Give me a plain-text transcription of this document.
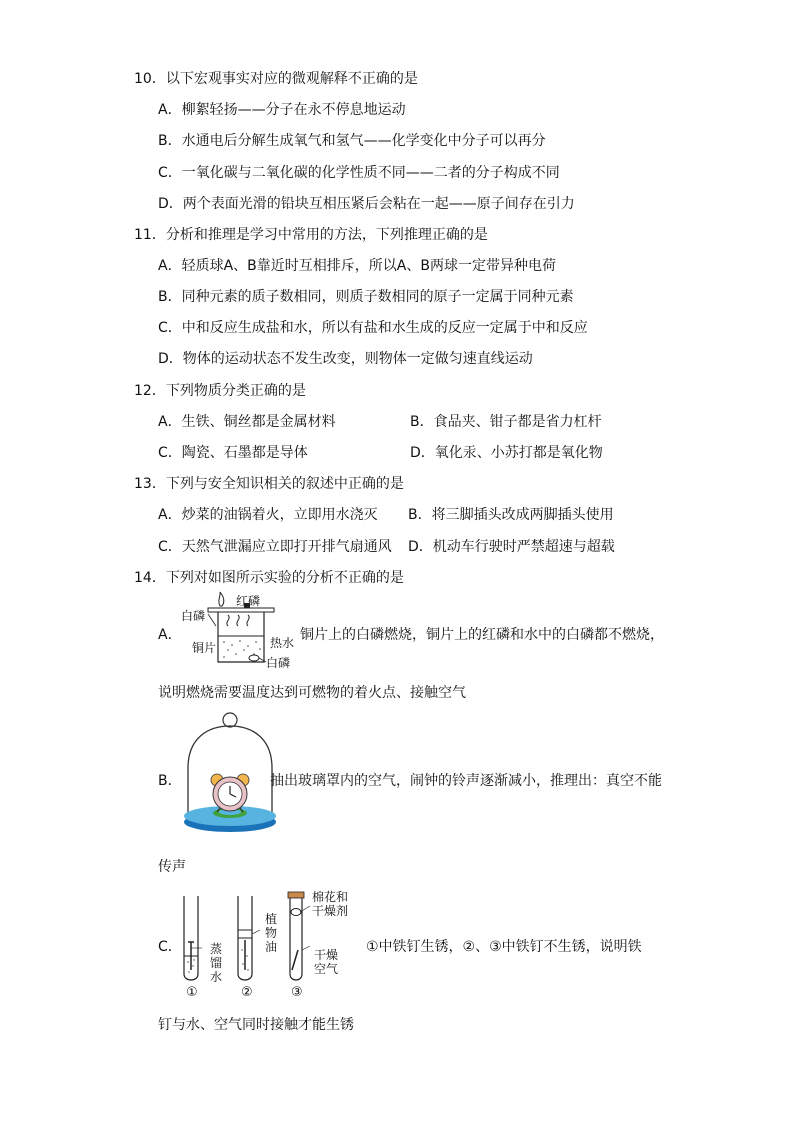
10．以下宏观事实对应的微观解释不正确的是
A．柳絮轻扬——分子在永不停息地运动
B．水通电后分解生成氧气和氢气——化学变化中分子可以再分
C．一氧化碳与二氧化碳的化学性质不同——二者的分子构成不同
D．两个表面光滑的铅块互相压紧后会粘在一起——原子间存在引力
11．分析和推理是学习中常用的方法，下列推理正确的是
A．轻质球A、B靠近时互相排斥，所以A、B两球一定带异种电荷
B．同种元素的质子数相同，则质子数相同的原子一定属于同种元素
C．中和反应生成盐和水，所以有盐和水生成的反应一定属于中和反应
D．物体的运动状态不发生改变，则物体一定做匀速直线运动
12．下列物质分类正确的是
A．生铁、铜丝都是金属材料	B．食品夹、钳子都是省力杠杆
C．陶瓷、石墨都是导体	D．氧化汞、小苏打都是氧化物
13．下列与安全知识相关的叙述中正确的是
A．炒菜的油锅着火，立即用水浇灭 B．将三脚插头改成两脚插头使用
C．天然气泄漏应立即打开排气扇通风 D．机动车行驶时严禁超速与超载
14．下列对如图所示实验的分析不正确的是
A．
红磷
白磷
铜片	热水
白磷
铜片上的白磷燃烧，铜片上的红磷和水中的白磷都不燃烧，
说明燃烧需要温度达到可燃物的着火点、接触空气
B．	抽出玻璃罩内的空气，闹钟的铃声逐渐减小，推理出：真空不能
传声
C． 蒸
馏
水
植
物
油
棉花和
干燥剂
干燥
空气
①	②	③
①中铁钉生锈，②、③中铁钉不生锈，说明铁
钉与水、空气同时接触才能生锈
